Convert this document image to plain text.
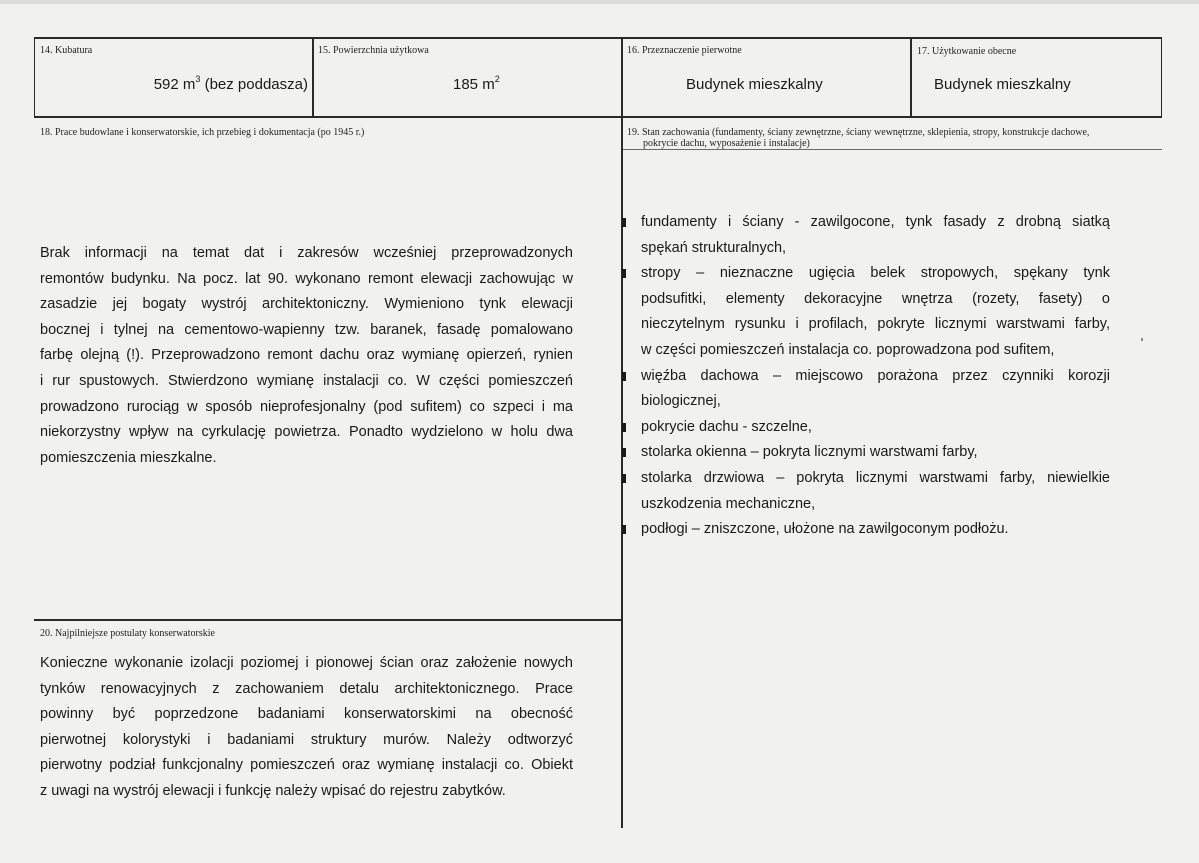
14. Kubatura
592 $m^3$ (bez poddasza)
15. Powierzchnia użytkowa
185 $m^2$
16. Przeznaczenie pierwotne
Budynek mieszkalny
17. Użytkowanie obecne
Budynek mieszkalny
18. Prace budowlane i konserwatorskie, ich przebieg i dokumentacja (po 1945 r.)
Brak informacji na temat dat i zakresów wcześniej przeprowadzonych
remontów budynku. Na pocz. lat 90. wykonano remont elewacji zachowując w
zasadzie jej bogaty wystrój architektoniczny. Wymieniono tynk elewacji
bocznej i tylnej na cementowo-wapienny tzw. baranek, fasadę pomalowano
farbę olejną (!). Przeprowadzono remont dachu oraz wymianę opierzeń, rynien
i rur spustowych. Stwierdzono wymianę instalacji co. W części pomieszczeń
prowadzono rurociąg w sposób nieprofesjonalny (pod sufitem) co szpeci i ma
niekorzystny wpływ na cyrkulację powietrza. Ponadto wydzielono w holu dwa
pomieszczenia mieszkalne.
19. Stan zachowania (fundamenty, ściany zewnętrzne, ściany wewnętrzne, sklepienia, stropy, konstrukcje dachowe,
pokrycie dachu, wyposażenie i instalacje)
fundamenty i ściany - zawilgocone, tynk fasady z drobną siatką
spękań strukturalnych,
stropy – nieznaczne ugięcia belek stropowych, spękany tynk
podsufitki, elementy dekoracyjne wnętrza (rozety, fasety) o
nieczytelnym rysunku i profilach, pokryte licznymi warstwami farby,
w części pomieszczeń instalacja co. poprowadzona pod sufitem,
więźba dachowa – miejscowo porażona przez czynniki korozji
biologicznej,
pokrycie dachu - szczelne,
stolarka okienna – pokryta licznymi warstwami farby,
stolarka drzwiowa – pokryta licznymi warstwami farby, niewielkie
uszkodzenia mechaniczne,
podłogi – zniszczone, ułożone na zawilgoconym podłożu.
20. Najpilniejsze postulaty konserwatorskie
Konieczne wykonanie izolacji poziomej i pionowej ścian oraz założenie nowych
tynków renowacyjnych z zachowaniem detalu architektonicznego. Prace
powinny być poprzedzone badaniami konserwatorskimi na obecność
pierwotnej kolorystyki i badaniami struktury murów. Należy odtworzyć
pierwotny podział funkcjonalny pomieszczeń oraz wymianę instalacji co. Obiekt
z uwagi na wystrój elewacji i funkcję należy wpisać do rejestru zabytków.
